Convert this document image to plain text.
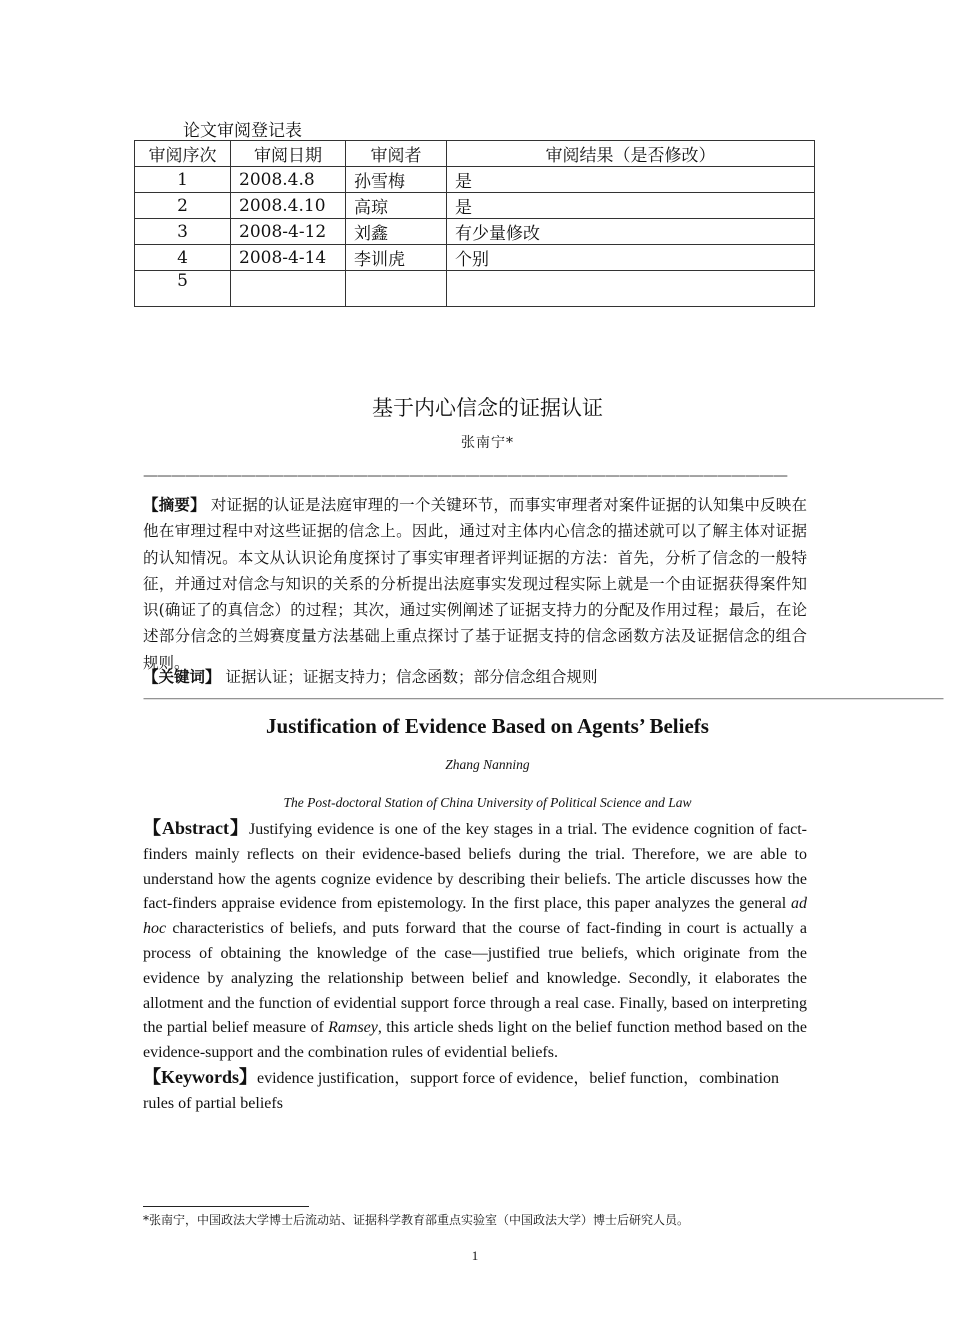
论文审阅登记表
审阅序次	审阅日期	审阅者	审阅结果（是否修改）
1	2008.4.8	孙雪梅	是
2	2008.4.10	高琼	是
3	2008-4-12	刘鑫	有少量修改
4	2008-4-14	李训虎	个别
5			
基于内心信念的证据认证
张南宁*
——————————————————————————————————————————————
【摘要】 对证据的认证是法庭审理的一个关键环节，而事实审理者对案件证据的认知集中反映在他在审理过程中对这些证据的信念上。因此，通过对主体内心信念的描述就可以了解主体对证据的认知情况。本文从认识论角度探讨了事实审理者评判证据的方法：首先，分析了信念的一般特征，并通过对信念与知识的关系的分析提出法庭事实发现过程实际上就是一个由证据获得案件知识(确证了的真信念）的过程；其次，通过实例阐述了证据支持力的分配及作用过程；最后，在论述部分信念的兰姆赛度量方法基础上重点探讨了基于证据支持的信念函数方法及证据信念的组合规则。
【关键词】 证据认证；证据支持力；信念函数；部分信念组合规则
————————————————————————————————————————————————————————————————————————————————
Justification of Evidence Based on Agents’ Beliefs
Zhang Nanning
The Post-doctoral Station of China University of Political Science and Law
【Abstract】Justifying evidence is one of the key stages in a trial. The evidence cognition of fact-finders mainly reflects on their evidence-based beliefs during the trial. Therefore, we are able to understand how the agents cognize evidence by describing their beliefs. The article discusses how the fact-finders appraise evidence from epistemology. In the first place, this paper analyzes the general ad hoc characteristics of beliefs, and puts forward that the course of fact-finding in court is actually a process of obtaining the knowledge of the case—justified true beliefs, which originate from the evidence by analyzing the relationship between belief and knowledge. Secondly, it elaborates the allotment and the function of evidential support force through a real case. Finally, based on interpreting the partial belief measure of Ramsey, this article sheds light on the belief function method based on the evidence-support and the combination rules of evidential beliefs.
【Keywords】evidence justification，support force of evidence，belief function，combination rules of partial beliefs
*张南宁，中国政法大学博士后流动站、证据科学教育部重点实验室（中国政法大学）博士后研究人员。
1
